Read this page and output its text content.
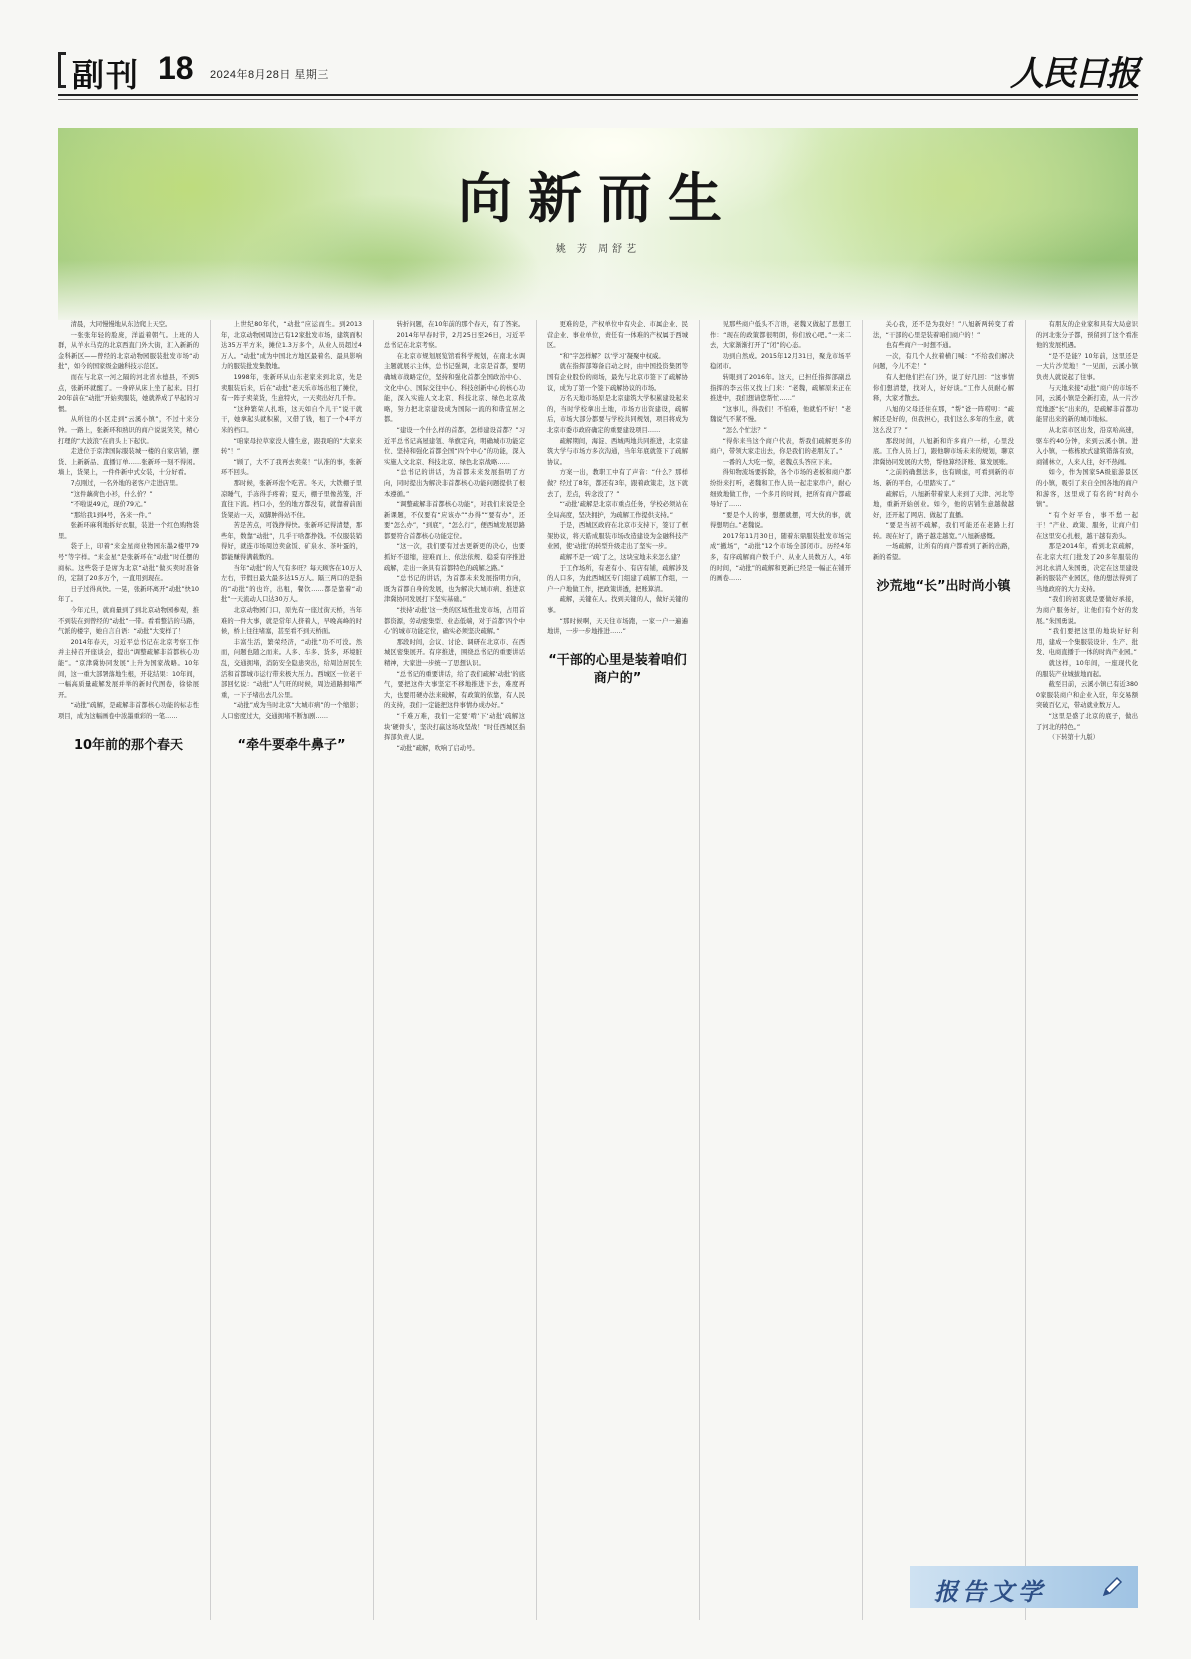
副刊 18 2024年8月28日 星期三	人民日报
向新而生
姚 芳 周舒艺

清晨，大同慢慢地从东边爬上天空。

一张张年轻的脸庞，洋溢着朝气。上班的人群，从羊水马克的北京西直门外大街，汇入新新的金科新区——曾经的北京动物园服装批发市场“动批”，如今的国家级金融科技示范区。

而在与北京一河之隔的河北省水德县，不到5点，张新环就醒了。一身碎从床上坐了起来。目打20年前在“动批”开始卖服装，她就养成了早起的习惯。

从所往的小区走到“云溪小镇”，不过十来分钟。一路上，张新环和熟识的商户说说笑笑，精心打理的“大波浪”在肩头上下起伏。

走进位于京津国际服装城一楼的自家店铺，摆货、上新新品、直播订单……张新环一刻不得闲。墙上，货架上，一件件新中式女装，十分好看。

7点刚过，一名外地的老客户走进店里。

“这件藕荷色小衫，什么价？”

“不啦说49元，现价79元。”

“那给我1到4号，各来一件。”

张新环麻利地拆好衣服，装进一个红色购物袋里。

袋子上，印着“来金星商业物园东墨2楼甲79号”等字样。“来金星”是张新环在“动批”时任摆的商标。这些袋子是席为北京“动批”做买卖时准备的，定制了20多万个，一直用到现在。

日子过得真快。一晃，张新环离开“动批”快10年了。

今年元旦，就商量到了到北京动物园参观，推不到装在到曾经的“动批”一带。看看整洁的马路，气派的楼宇，她自言自语：“动批”大变样了！

2014年春天，习近平总书记在北京考察工作并主持召开座谈会，提出“调整疏解非首都核心功能”。“京津冀协同发展”上升为国家战略。10年间，这一重大部署落地生根，开花结果：10年间，一幅高质量疏解发展并举的新时代图卷，徐徐展开。

“动批”疏解，是疏解非首都核心功能的标志性项目，成为这幅画卷中浓墨重彩的一笔……

10年前的那个春天

上世纪80年代，“动批”应运而生。到2013年，北京动物园周边已有12家批发市场，建筑面积达35万平方米，摊位1.3万多个，从业人员超过4万人。“动批”成为中国北方地区最着名、最具影响力的服装批发集散地。

1998年，张新环从山东老家来到北京，先是卖服装后来，后在“动批”老天乐市场出租了摊位，有一阵子卖菜货，生意特火，一天卖出好几千件。

“这种繁荣人扎堆，这天如自个儿干”说干就干，她拿起头就积累，又借了钱，租了一个4平方米的档口。

“咱家母拉草家没人懂生意，跟我咱的“大家来转”！”

“顾了，大不了我再去卖菜！”认准的事，张新环不回头。

那时候，张新环泡个吃苦。冬天，大铁棚子里凉睡气，手冻得手疼着；夏天，棚子里像蒸笼，汗直往下流。档口小，坐的地方都没有，就靠着前面货架站一天，双脚肿得站不住。

苦是苦点，可钱挣得快。张新环记得清楚，那些年，数靠“动批”，几乎干啥都挣钱。不仅服装销得好，就连市场周边卖盒饭、矿泉水、茶叶蛋的，都能赚得满载数的。

当年“动批”的人气有多旺？每天顾客在10万人左右，节假日最大最多达15万人。隔三两口的是指的“动批”的也许，出租，餐饮……都是靠着“动批”一天流动人口达30万人。

北京动物园门口，原先有一座过街天桥，当年难的一件大事，就是常年人挤着人，早晚高峰的时候，桥上往往堵塞，甚至看不到天桥面。

丰富生活，繁荣经济，“动批”功不可没。然而，问题也随之而来。人多、车多、货多，环境脏乱，交通拥堵，消防安全隐患突出，给周边居民生活和首都城市运行带来极大压力。西城区一位老干部回忆说：“动批”人气旺的时候，周边道路拥堵严重，一下子堵出去几公里。

“动批”成为当时北京“大城市病”的一个缩影；人口密度过大，交通拥堵不断加剧……

“牵牛要牵牛鼻子”

转折问题，在10年前的那个春天，有了答案。

2014年早春时节，2月25日至26日，习近平总书记在北京考察。

在北京市规划展览馆看科学规划，在南北水调主题就展示主体，总书记强调，北京是首都，要明确城市战略定位，坚持和强化首都全国政治中心、文化中心、国际交往中心、科技创新中心的核心功能，深入实施人文北京、科技北京、绿色北京战略，努力把北京建设成为国际一流的和谐宜居之都。

“建设一个什么样的首都，怎样建设首都？”习近平总书记高屋建瓴、举旗定向，明确城市功能定位、坚持和强化首都全国“四个中心”的功能，深入实施人文北京、科技北京、绿色北京战略……

“总书记的讲话，为首都未来发展指明了方向，同时提出为解决非首都核心功能问题提供了根本遵循。”

“调整疏解非首都核心功能”，对我们来说是全新课题，不仅要有“应该办”“办得”“要有办”，还要“怎么办”，“到底”，“怎么行”，便西城发展思路都要符合首都核心功能定位。

“这一次，我们要有过去更新更的决心，也要抓好不退缩，迎难而上、依法依规、稳妥有序推进疏解，走出一条具有首都特色的疏解之路。”

“总书记的讲话，为首都未来发展指明方向，既为首都自身的发展，也为解决大城市病、推进京津冀协同发展打下坚实基础。”

“扶持‘动批’这一类的区域性批发市场，占用首都资源，劳动密集型、业态低端，对于首都‘四个中心’的城市功能定位，确实必须坚决疏解。”

那段时间，会议、讨论、调研在北京市、在西城区密集展开。有序推进，围绕总书记的重要讲话精神，大家进一步统一了思想认识。

“总书记的重要讲话，给了我们疏解‘动批’的底气，要把这件大事坚定不移地推进下去，难度再大，也要用硬办法来破解，有政策的依靠，有人民的支持，我们一定能把这件事情办成办好。”

“千难万难，我们一定要‘啃’下‘动批’疏解这块‘硬骨头’，坚决打赢这场攻坚战！”时任西城区指挥部负责人说。

“动批”疏解，吹响了启动号。

更难的是，产权单位中有央企、市属企业、民营企业、事业单位，责任有一体难的产权属于西城区。

“和”字怎样解？以‘学习’凝聚中权威。

就在指挥部筹备启动之时，由中国投资集团等国有企业股份的商场，最先与北京市签下了疏解协议，成为了第一个签下疏解协议的市场。

万名天地市场原是北京建筑大学积累建设起来的，当时学校拿出土地，市场方出资建设，疏解后，市场大部分都要与学校共同规划，项目将成为北京市委市政府确定的重要建设项目……

疏解期间，海淀、西城两地共同推进，北京建筑大学与市场方多次沟通，当年年底就签下了疏解协议。

方案一出，教职工中有了声音：“什么？那样做？经过了8年，都还有3年，跟着政策走，这下就去了，差点，转念没了？”

“‘动批’疏解是北京市重点任务，学校必须站在全局高度，坚决拥护，为疏解工作提供支持。”

于是，西城区政府在北京市支持下，签订了框架协议，将天皓成服装市场改造建设为金融科技产业园，使‘动批’的转型升级走出了坚实一步。

疏解不是一‘疏’了之，这块宝地未来怎么建？

于工作场所，有老有小、有店有铺，疏解涉及的人口多，为此西城区专门组建了疏解工作组，一户一户地做工作，把政策讲透，把账算清。

疏解，关键在人。找到关键的人，做好关键的事。

“那时候啊，天天往市场跑，一家一户一遍遍地讲，一步一步地推进……”

“干部的心里是装着咱们商户的”

见那些商户低头不言语，老魏又做起了思想工作：“现在的政策都很明朗，你们放心吧。”一来二去，大家渐渐打开了“闭”的心态。

功到自然成。2015年12月31日，聚龙市场平稳闭市。

转眼到了2016年。这天，已担任指挥部副总指挥的李云伟又找上门来：“老魏，疏解原来正在推进中，我们想请您帮忙……”

“这事儿，得我们！不怕难，他就怕不好！”老魏说气不紧不慢。

“怎么个忙法？”

“得你来当这个商户代表，帮我们疏解更多的商户，带领大家走出去，你是我们的老朋友了。”

一番的人大吃一惊，老魏点头答应下来。

得知物流场要拆除，各个市场的老板和商户都纷纷来打听，老魏和工作人员一起走家串户，耐心细致地做工作，一个多月的时间，把所有商户都疏导好了……

“要是个人的事，想摆就摆，可大伙的事，就得想明白。”老魏说。

2017年11月30日，随着东鼎服装批发市场完成“撤场”，“动批”12个市场全部闭市。历经4年多，有序疏解商户数千户、从业人员数万人，4年的时间，“动批”的疏解和更新已经是一幅正在铺开的画卷……

关心我，还不是为我好！”八旭新两转变了看法，“干部的心里是装着咱们商户的！”

也有些商户一时想不通。

一次，有几个人拉着横门喊：“不给我们解决问题，今儿不走！”

有人把他们拦在门外，说了好几回：“这事情你们想清楚，找对人，好好谈。”工作人员耐心解释，大家才散去。

八旭的父母还住在那，“帮”爸一阵唠叨：“疏解还是好的，但我担心，我们这么多年的生意，就这么没了？”

那段时间，八旭新和许多商户一样，心里没底。工作人员上门，跟他聊市场未来的规划，聊京津冀协同发展的大势，帮他算经济账、算发展账。

“之前的确想法多，也有顾虑，可看到新的市场、新的平台，心里踏实了。”

疏解后，八旭新带着家人来到了天津、河北等地，重新开始创业。如今，他的店铺生意越做越好，还开起了网店、做起了直播。

“要是当初不疏解，我们可能还在老路上打转。现在好了，路子越走越宽。”八旭新感慨。

一场疏解，让所有的商户都看到了新的出路，新的希望。

沙荒地“长”出时尚小镇

有朋友的企业家和具有大局意识的河北张分子都，预留到了这个看准他的发展机遇。

“是不是能？10年前，这里还是一大片沙荒地！”一见面，云溪小镇负责人就说起了往事。

与天地来接“动批”商户的市场不同，云溪小镇是全新打造，从一片沙荒地逐“长”出来的，是疏解非首都功能冒出来的新的城市地标。

从北京市区出发，沿京哈高速，驱车约40分钟，来到云溪小镇。进入小镇，一栋栋欧式建筑错落有致，商铺林立，人来人往，好不热闹。

如今，作为国家5A级旅游景区的小镇，吸引了来自全国各地的商户和游客，这里成了有名的“时尚小镇”。

“有个好平台，事不愁一起干！”产业、政策、服务，让商户们在这里安心扎根，越干越有劲头。

那是2014年，看到北京疏解，在北京大红门批发了20多年服装的河北永清人朱国勇，决定在这里建设新的服装产业园区，他的想法得到了当地政府的大力支持。

“我们的初衷就是要做好承接，为商户服务好，让他们有个好的发展。”朱国勇说。

“我们要把这里的地块好好利用，建成一个集服装设计、生产、批发、电商直播于一体的时尚产业园。”

就这样，10年间，一座现代化的服装产业城拔地而起。

截至目前，云溪小镇已有近3800家服装商户和企业入驻，年交易额突破百亿元，带动就业数万人。

“这里是盛了北京的底子，做出了河北的特色。”

（下转第十九版）

报告文学
